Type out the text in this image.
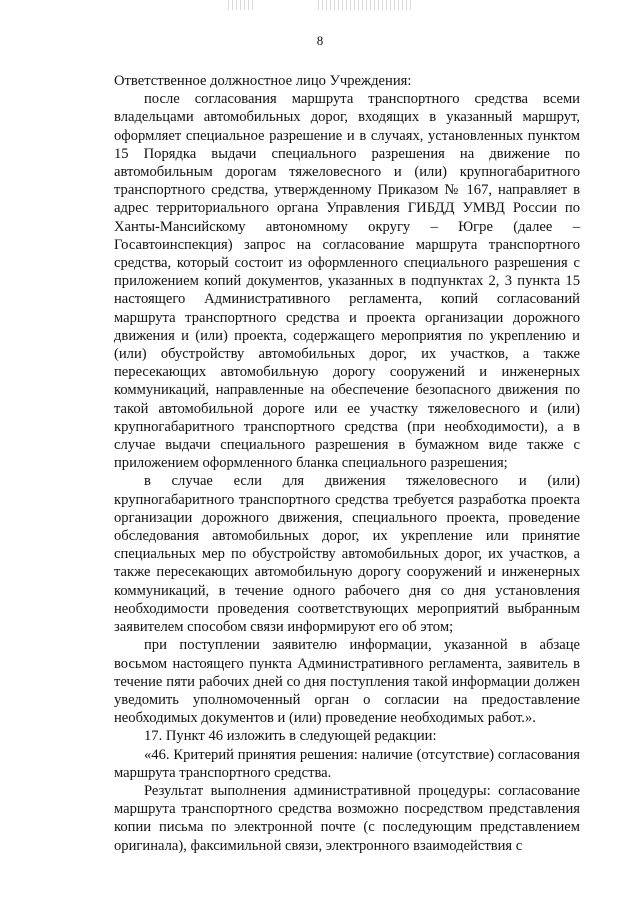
8

Ответственное должностное лицо Учреждения:

после согласования маршрута транспортного средства всеми владельцами автомобильных дорог, входящих в указанный маршрут, оформляет специальное разрешение и в случаях, установленных пунктом 15 Порядка выдачи специального разрешения на движение по автомобильным дорогам тяжеловесного и (или) крупногабаритного транспортного средства, утвержденному Приказом № 167, направляет в адрес территориального органа Управления ГИБДД УМВД России по Ханты-Мансийскому автономному округу – Югре (далее – Госавтоинспекция) запрос на согласование маршрута транспортного средства, который состоит из оформленного специального разрешения с приложением копий документов, указанных в подпунктах 2, 3 пункта 15 настоящего Административного регламента, копий согласований маршрута транспортного средства и проекта организации дорожного движения и (или) проекта, содержащего мероприятия по укреплению и (или) обустройству автомобильных дорог, их участков, а также пересекающих автомобильную дорогу сооружений и инженерных коммуникаций, направленные на обеспечение безопасного движения по такой автомобильной дороге или ее участку тяжеловесного и (или) крупногабаритного транспортного средства (при необходимости), а в случае выдачи специального разрешения в бумажном виде также с приложением оформленного бланка специального разрешения;

в случае если для движения тяжеловесного и (или) крупногабаритного транспортного средства требуется разработка проекта организации дорожного движения, специального проекта, проведение обследования автомобильных дорог, их укрепление или принятие специальных мер по обустройству автомобильных дорог, их участков, а также пересекающих автомобильную дорогу сооружений и инженерных коммуникаций, в течение одного рабочего дня со дня установления необходимости проведения соответствующих мероприятий выбранным заявителем способом связи информируют его об этом;

при поступлении заявителю информации, указанной в абзаце восьмом настоящего пункта Административного регламента, заявитель в течение пяти рабочих дней со дня поступления такой информации должен уведомить уполномоченный орган о согласии на предоставление необходимых документов и (или) проведение необходимых работ.».

17. Пункт 46 изложить в следующей редакции:

«46. Критерий принятия решения: наличие (отсутствие) согласования маршрута транспортного средства.

Результат выполнения административной процедуры: согласование маршрута транспортного средства возможно посредством представления копии письма по электронной почте (с последующим представлением оригинала), факсимильной связи, электронного взаимодействия с
